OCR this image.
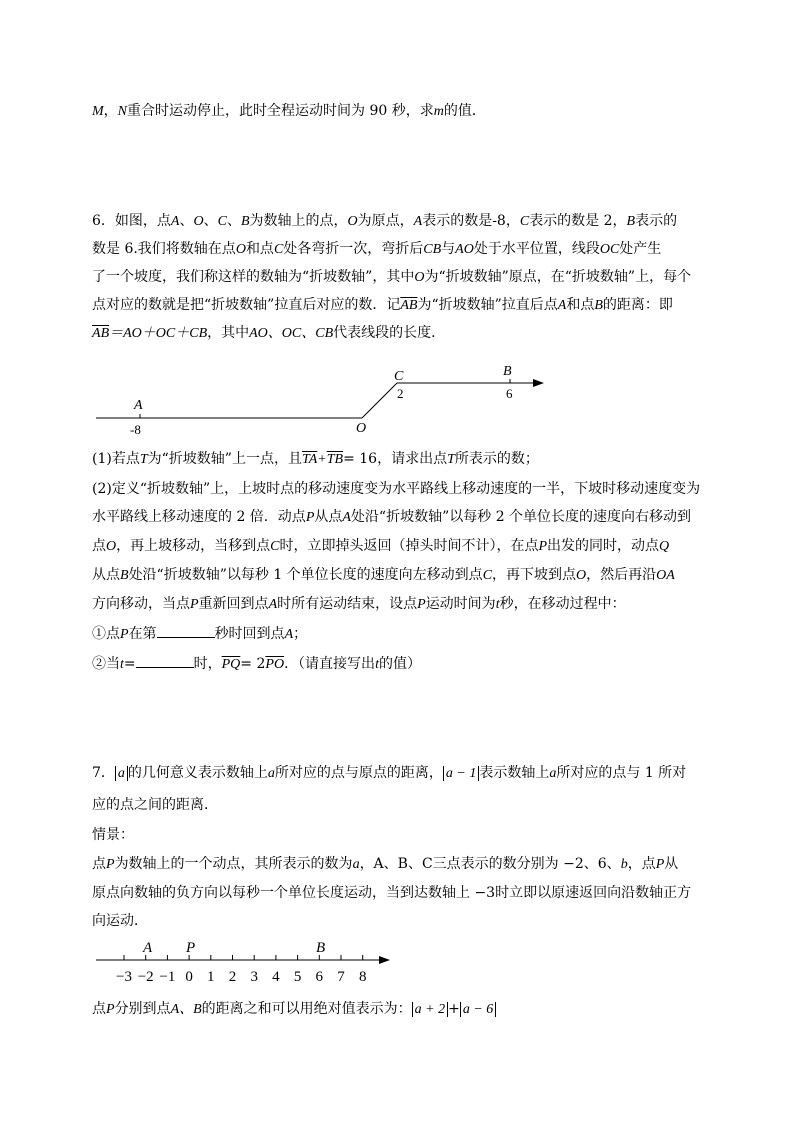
M，N重合时运动停止，此时全程运动时间为 90 秒，求m的值．
6．如图，点A、O、C、B为数轴上的点，O为原点，A表示的数是-8，C表示的数是 2，B表示的
数是 6.我们将数轴在点O和点C处各弯折一次，弯折后CB与AO处于水平位置，线段OC处产生
了一个坡度，我们称这样的数轴为“折坡数轴”，其中O为“折坡数轴”原点，在“折坡数轴”上，每个
点对应的数就是把“折坡数轴”拉直后对应的数．记AB为“折坡数轴”拉直后点A和点B的距离：即
AB＝AO＋OC＋CB，其中AO、OC、CB代表线段的长度．
A
-8	O
C
2
B
6
−3 −2 −1 0 1 2 3 4 5 6 7 8
A P	B
(1)若点T为“折坡数轴”上一点，且$\overline{TA}+\overline{TB}= 16$，请求出点T所表示的数；
(2)定义“折坡数轴”上，上坡时点的移动速度变为水平路线上移动速度的一半，下坡时移动速度变为
水平路线上移动速度的 2 倍．动点P从点A处沿“折坡数轴”以每秒 2 个单位长度的速度向右移动到
点O，再上坡移动，当移到点C时，立即掉头返回（掉头时间不计），在点P出发的同时，动点Q
从点B处沿“折坡数轴”以每秒 1 个单位长度的速度向左移动到点C，再下坡到点O，然后再沿OA
方向移动，当点P重新回到点A时所有运动结束，设点P运动时间为t秒，在移动过程中：
①点P在第	秒时回到点A；
②当t=	时，$\overline{PQ}= 2\overline{PO}$．（请直接写出t的值）
7． a 的几何意义表示数轴上a所对应的点与原点的距离， a − 1 表示数轴上a所对应的点与 1 所对
应的点之间的距离．
情景：
点P为数轴上的一个动点，其所表示的数为a，A、B、C三点表示的数分别为 −2、6、b，点P从
原点向数轴的负方向以每秒一个单位长度运动，当到达数轴上 −3时立即以原速返回向沿数轴正方
向运动．
点P分别到点A、B的距离之和可以用绝对值表示为： a + 2 + a − 6
